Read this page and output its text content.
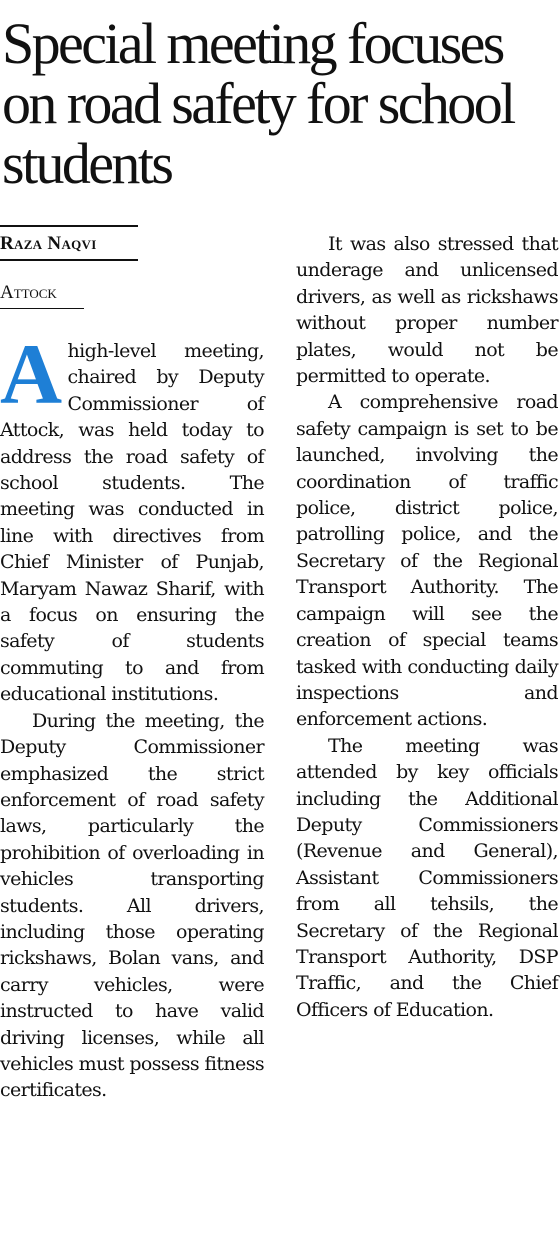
Special meeting focuses on road safety for school students
Raza Naqvi
Attock

A high-level meeting, chaired by Deputy Commissioner of Attock, was held today to address the road safety of school students. The meeting was conducted in line with directives from Chief Minister of Punjab, Maryam Nawaz Sharif, with a focus on ensuring the safety of students commuting to and from educational institutions.

During the meeting, the Deputy Commissioner emphasized the strict enforcement of road safety laws, particularly the prohibition of overloading in vehicles transporting students. All drivers, including those operating rickshaws, Bolan vans, and carry vehicles, were instructed to have valid driving licenses, while all vehicles must possess fitness certificates.

It was also stressed that underage and unlicensed drivers, as well as rickshaws without proper number plates, would not be permitted to operate.

A comprehensive road safety campaign is set to be launched, involving the coordination of traffic police, district police, patrolling police, and the Secretary of the Regional Transport Authority. The campaign will see the creation of special teams tasked with conducting daily inspections and enforcement actions.

The meeting was attended by key officials including the Additional Deputy Commissioners (Revenue and General), Assistant Commissioners from all tehsils, the Secretary of the Regional Transport Authority, DSP Traffic, and the Chief Officers of Education.
